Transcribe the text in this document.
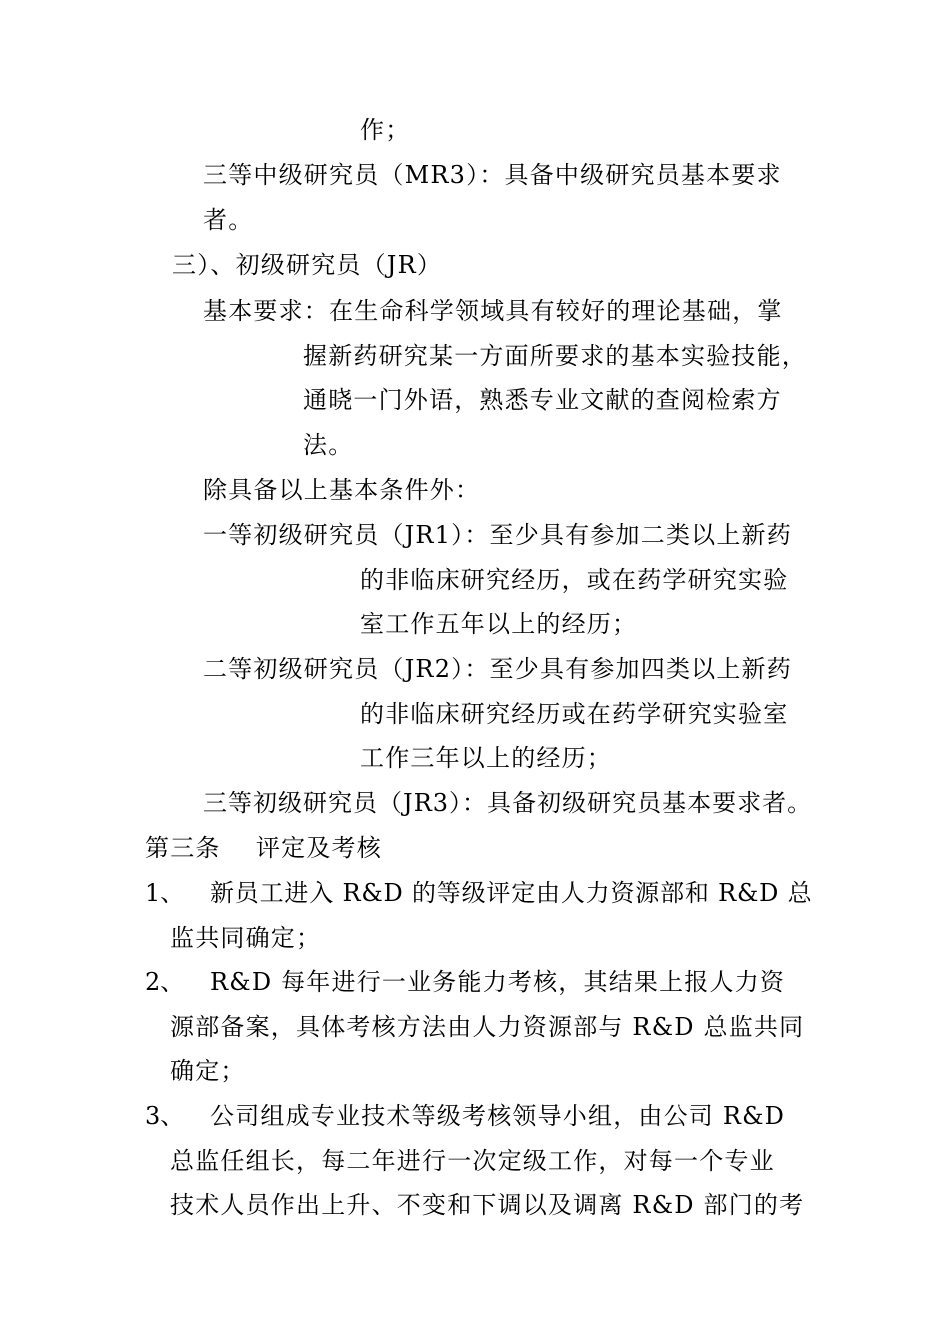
作；
三等中级研究员（MR3）：具备中级研究员基本要求
者。
三）、初级研究员（JR）
基本要求：在生命科学领域具有较好的理论基础，掌
握新药研究某一方面所要求的基本实验技能，
通晓一门外语，熟悉专业文献的查阅检索方
法。
除具备以上基本条件外：
一等初级研究员（JR1）：至少具有参加二类以上新药
的非临床研究经历，或在药学研究实验
室工作五年以上的经历；
二等初级研究员（JR2）：至少具有参加四类以上新药
的非临床研究经历或在药学研究实验室
工作三年以上的经历；
三等初级研究员（JR3）：具备初级研究员基本要求者。
第三条    评定及考核
1、 新员工进入 R&D 的等级评定由人力资源部和 R&D 总
监共同确定；
2、 R&D 每年进行一业务能力考核，其结果上报人力资
源部备案，具体考核方法由人力资源部与 R&D 总监共同
确定；
3、 公司组成专业技术等级考核领导小组，由公司 R&D
总监任组长，每二年进行一次定级工作，对每一个专业
技术人员作出上升、不变和下调以及调离 R&D 部门的考
